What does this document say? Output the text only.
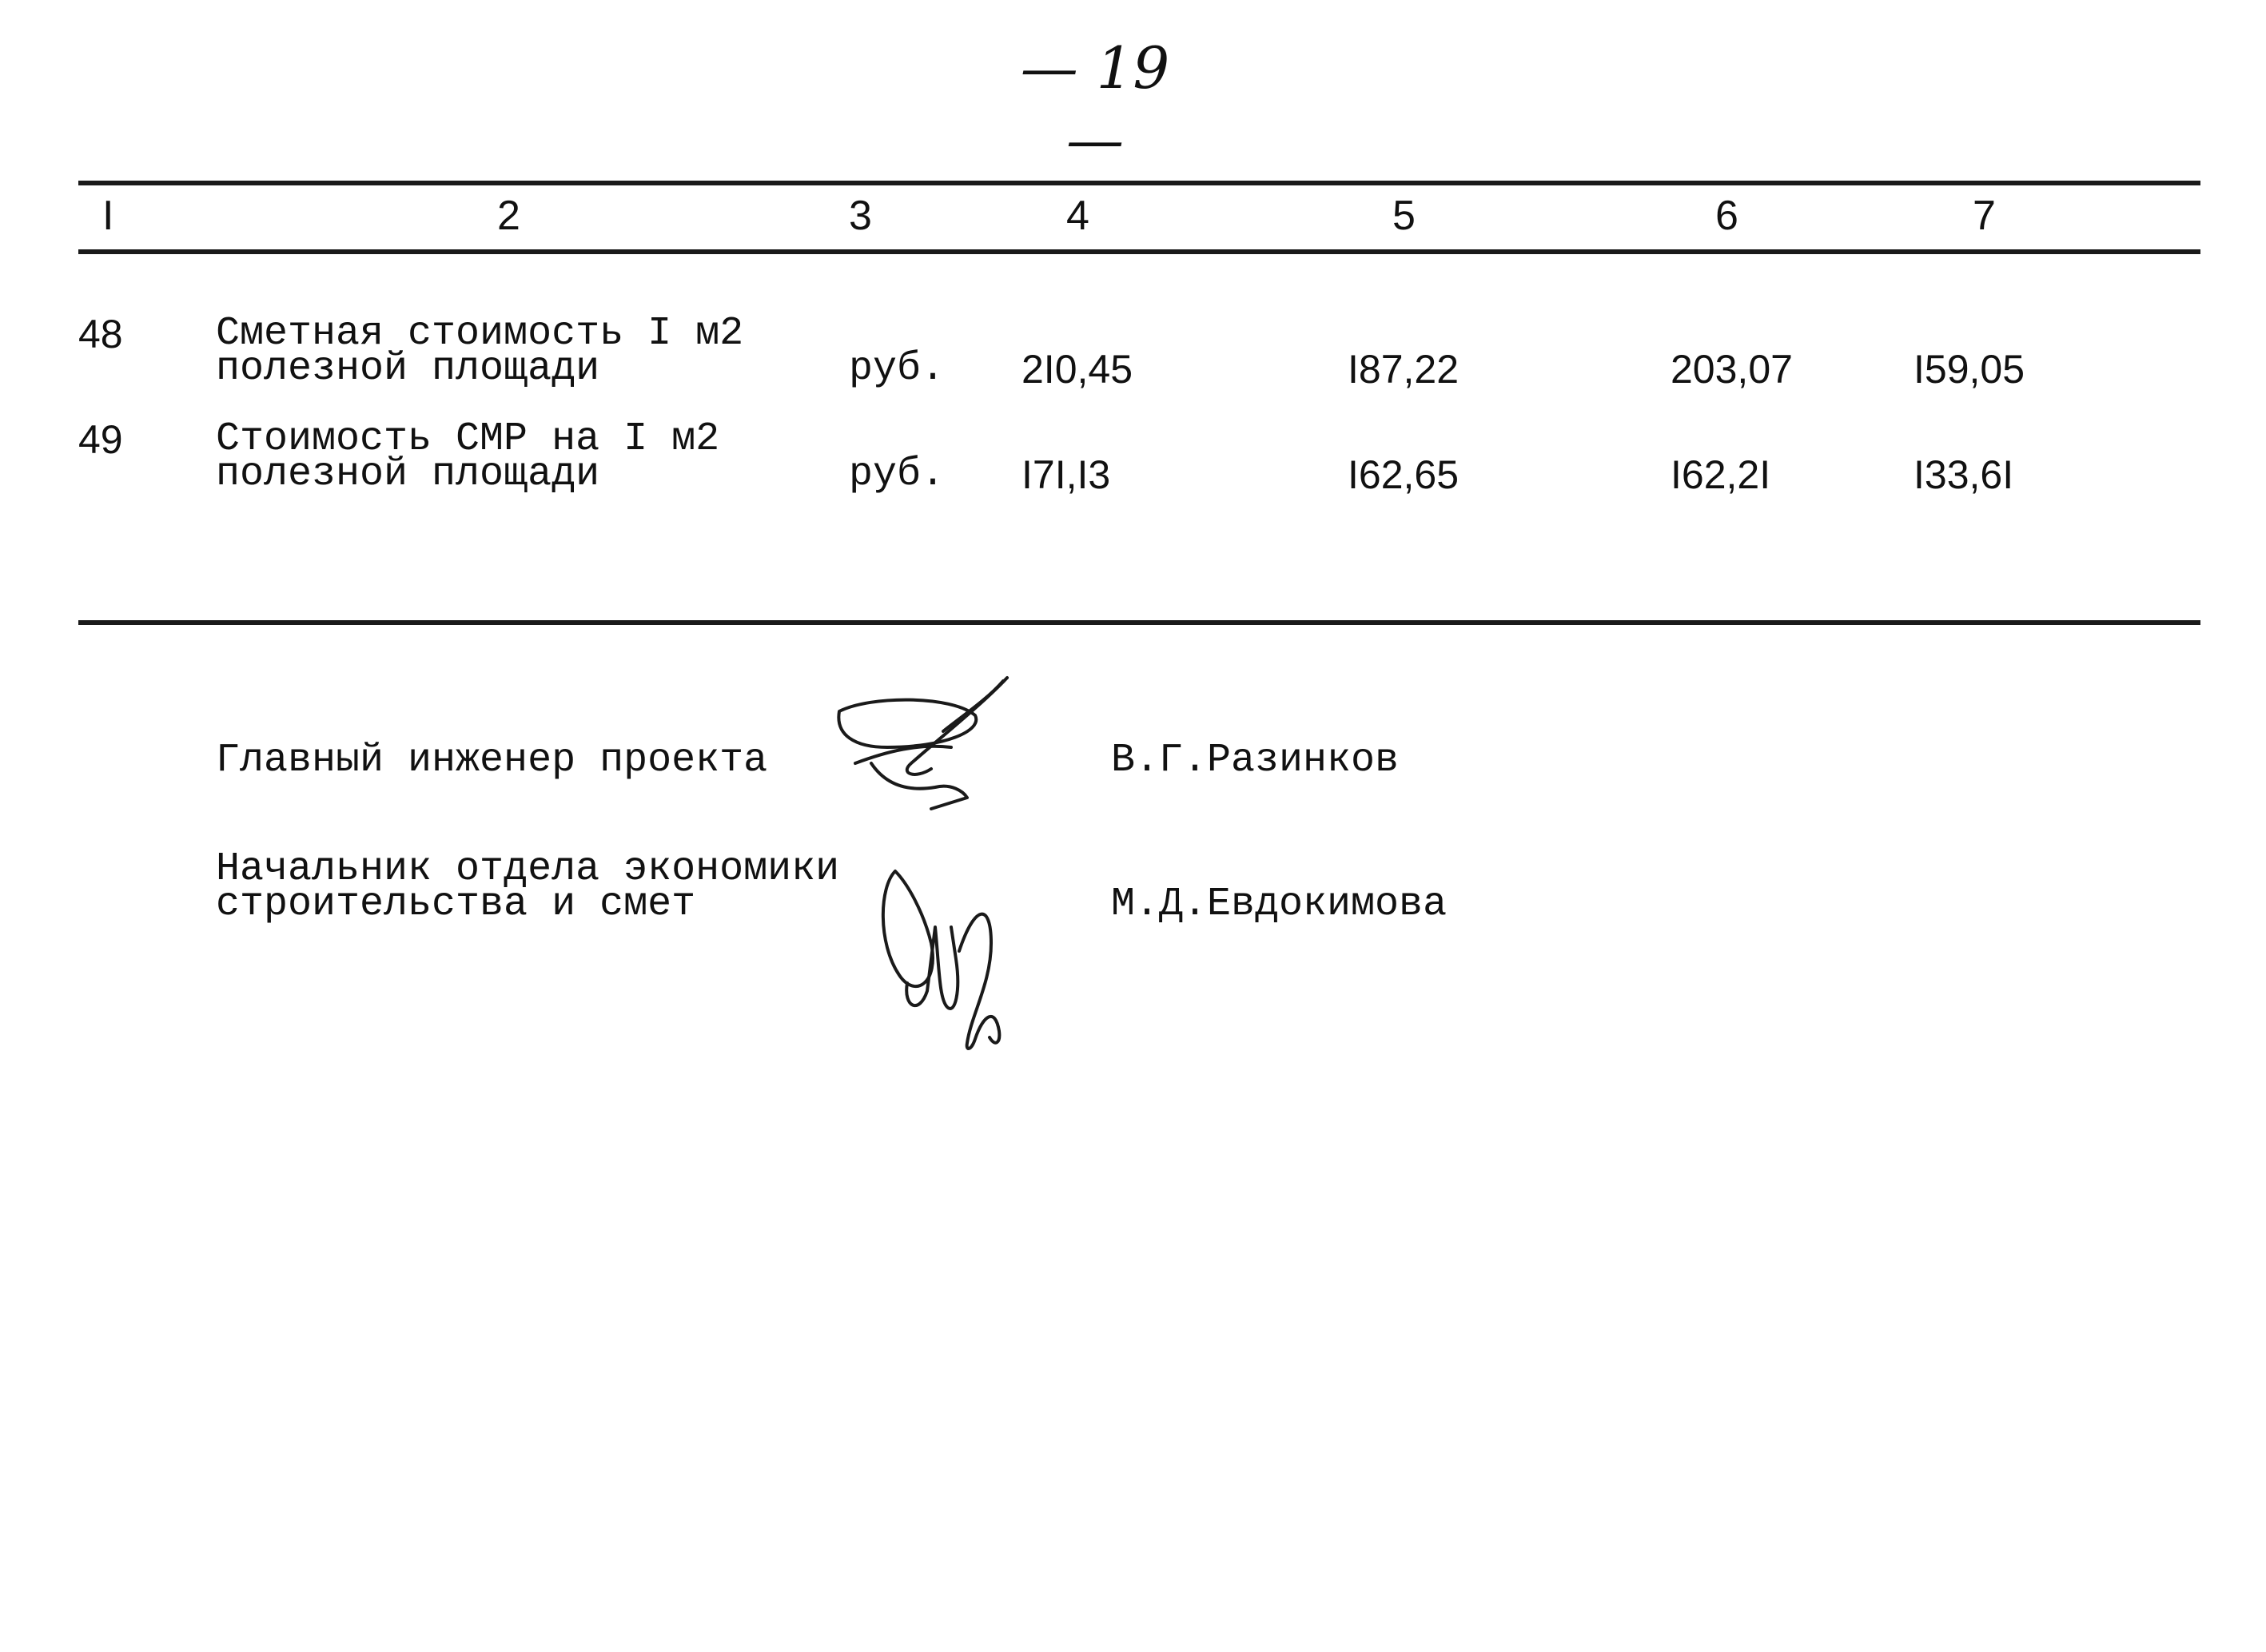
— 19 —
I	2	3	4	5	6	7
48	Сметная стоимость I м2
полезной площади	руб.	2I0,45	I87,22	203,07	I59,05
49	Стоимость СМР на I м2
полезной площади	руб.	I7I,I3	I62,65	I62,2I	I33,6I
Главный инженер проекта	В.Г.Разинков
Начальник отдела экономики
строительства и смет	М.Д.Евдокимова
